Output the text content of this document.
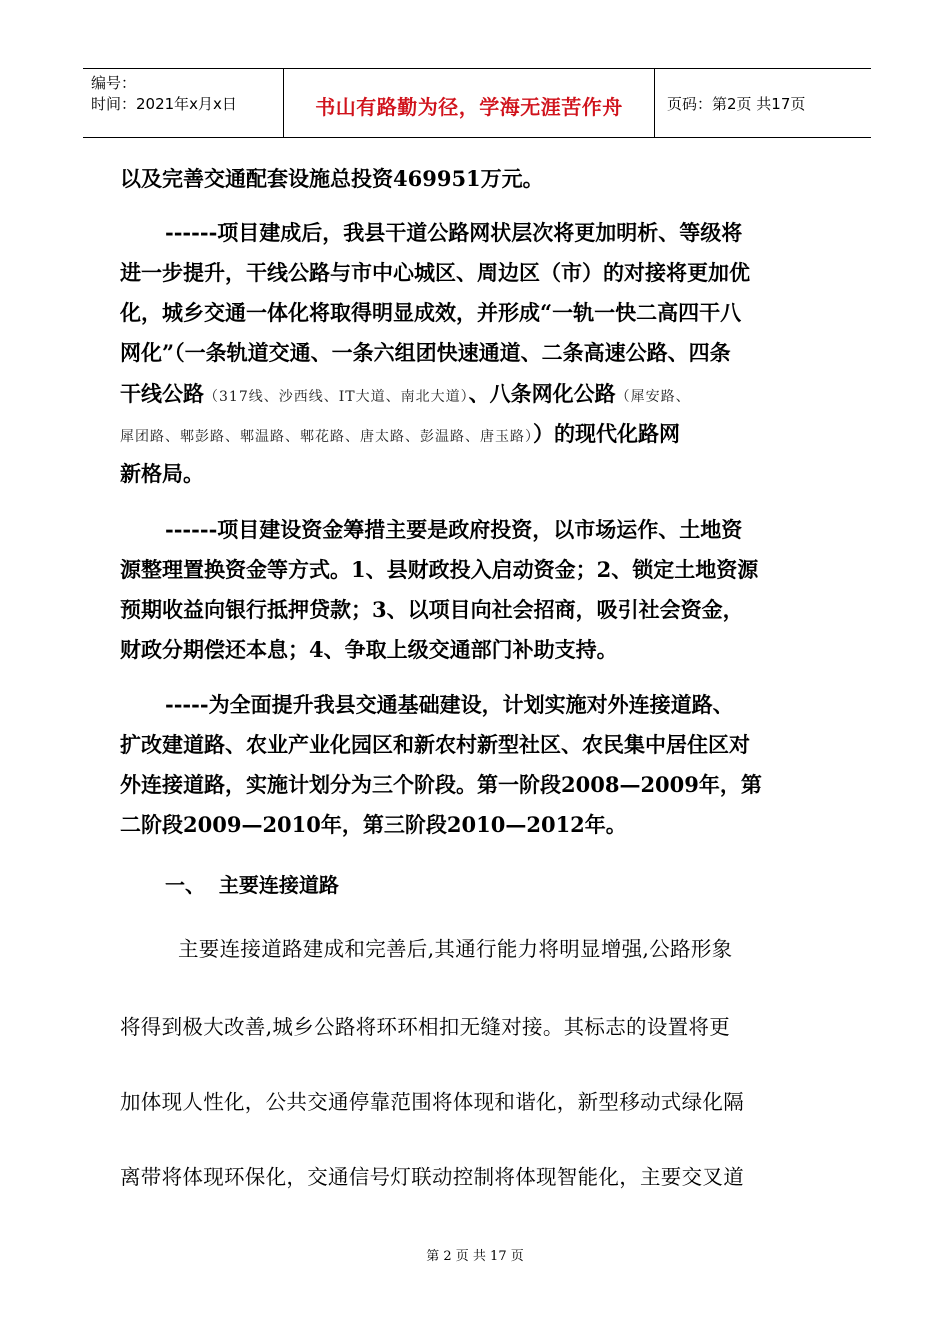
编号：
时间：2021年x月x日	书山有路勤为径，学海无涯苦作舟	页码：第2页 共17页
以及完善交通配套设施总投资469951万元。
------项目建成后，我县干道公路网状层次将更加明析、等级将
进一步提升，干线公路与市中心城区、周边区（市）的对接将更加优
化，城乡交通一体化将取得明显成效，并形成“一轨一快二高四干八
网化”（一条轨道交通、一条六组团快速通道、二条高速公路、四条
干线公路（317线、沙西线、IT大道、南北大道）、八条网化公路（犀安路、
犀团路、郫彭路、郫温路、郫花路、唐太路、彭温路、唐玉路））的现代化路网
新格局。
------项目建设资金筹措主要是政府投资，以市场运作、土地资
源整理置换资金等方式。1、县财政投入启动资金；2、锁定土地资源
预期收益向银行抵押贷款；3、以项目向社会招商，吸引社会资金，
财政分期偿还本息；4、争取上级交通部门补助支持。
-----为全面提升我县交通基础建设，计划实施对外连接道路、
扩改建道路、农业产业化园区和新农村新型社区、农民集中居住区对
外连接道路，实施计划分为三个阶段。第一阶段2008—2009年，第
二阶段2009—2010年，第三阶段2010—2012年。
一、  主要连接道路
主要连接道路建成和完善后,其通行能力将明显增强,公路形象
将得到极大改善,城乡公路将环环相扣无缝对接。其标志的设置将更
加体现人性化，公共交通停靠范围将体现和谐化，新型移动式绿化隔
离带将体现环保化，交通信号灯联动控制将体现智能化，主要交叉道
第 2 页 共 17 页
